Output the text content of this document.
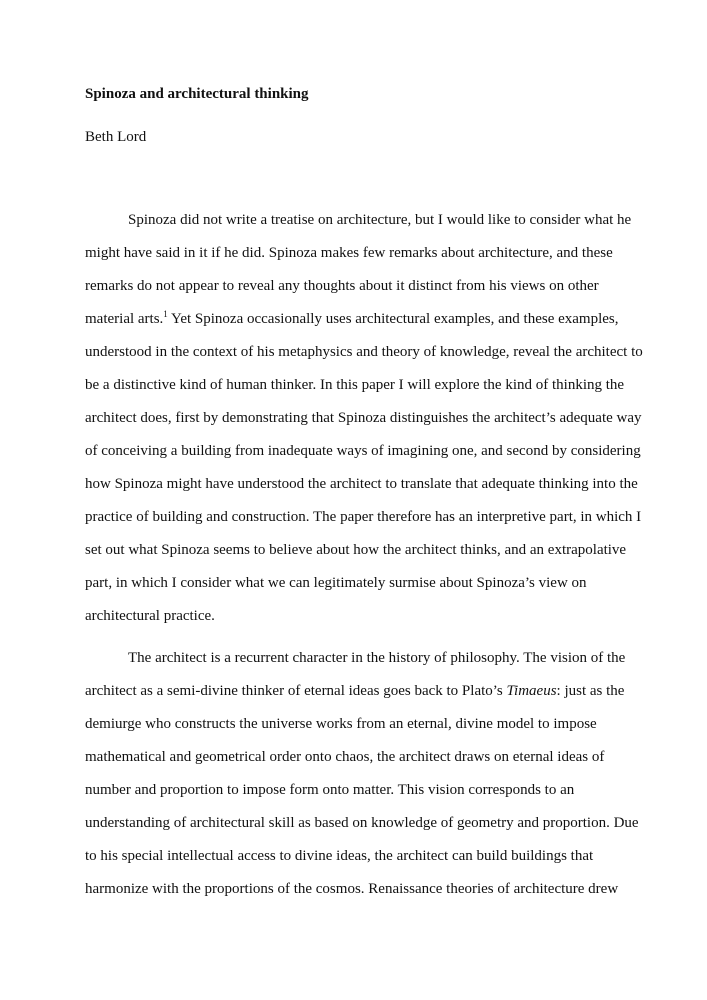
Spinoza and architectural thinking
Beth Lord
Spinoza did not write a treatise on architecture, but I would like to consider what he
might have said in it if he did. Spinoza makes few remarks about architecture, and these
remarks do not appear to reveal any thoughts about it distinct from his views on other
material arts.$^1$ Yet Spinoza occasionally uses architectural examples, and these examples,
understood in the context of his metaphysics and theory of knowledge, reveal the architect to
be a distinctive kind of human thinker. In this paper I will explore the kind of thinking the
architect does, first by demonstrating that Spinoza distinguishes the architect’s adequate way
of conceiving a building from inadequate ways of imagining one, and second by considering
how Spinoza might have understood the architect to translate that adequate thinking into the
practice of building and construction. The paper therefore has an interpretive part, in which I
set out what Spinoza seems to believe about how the architect thinks, and an extrapolative
part, in which I consider what we can legitimately surmise about Spinoza’s view on
architectural practice.
The architect is a recurrent character in the history of philosophy. The vision of the
architect as a semi-divine thinker of eternal ideas goes back to Plato’s Timaeus: just as the
demiurge who constructs the universe works from an eternal, divine model to impose
mathematical and geometrical order onto chaos, the architect draws on eternal ideas of
number and proportion to impose form onto matter. This vision corresponds to an
understanding of architectural skill as based on knowledge of geometry and proportion. Due
to his special intellectual access to divine ideas, the architect can build buildings that
harmonize with the proportions of the cosmos. Renaissance theories of architecture drew
